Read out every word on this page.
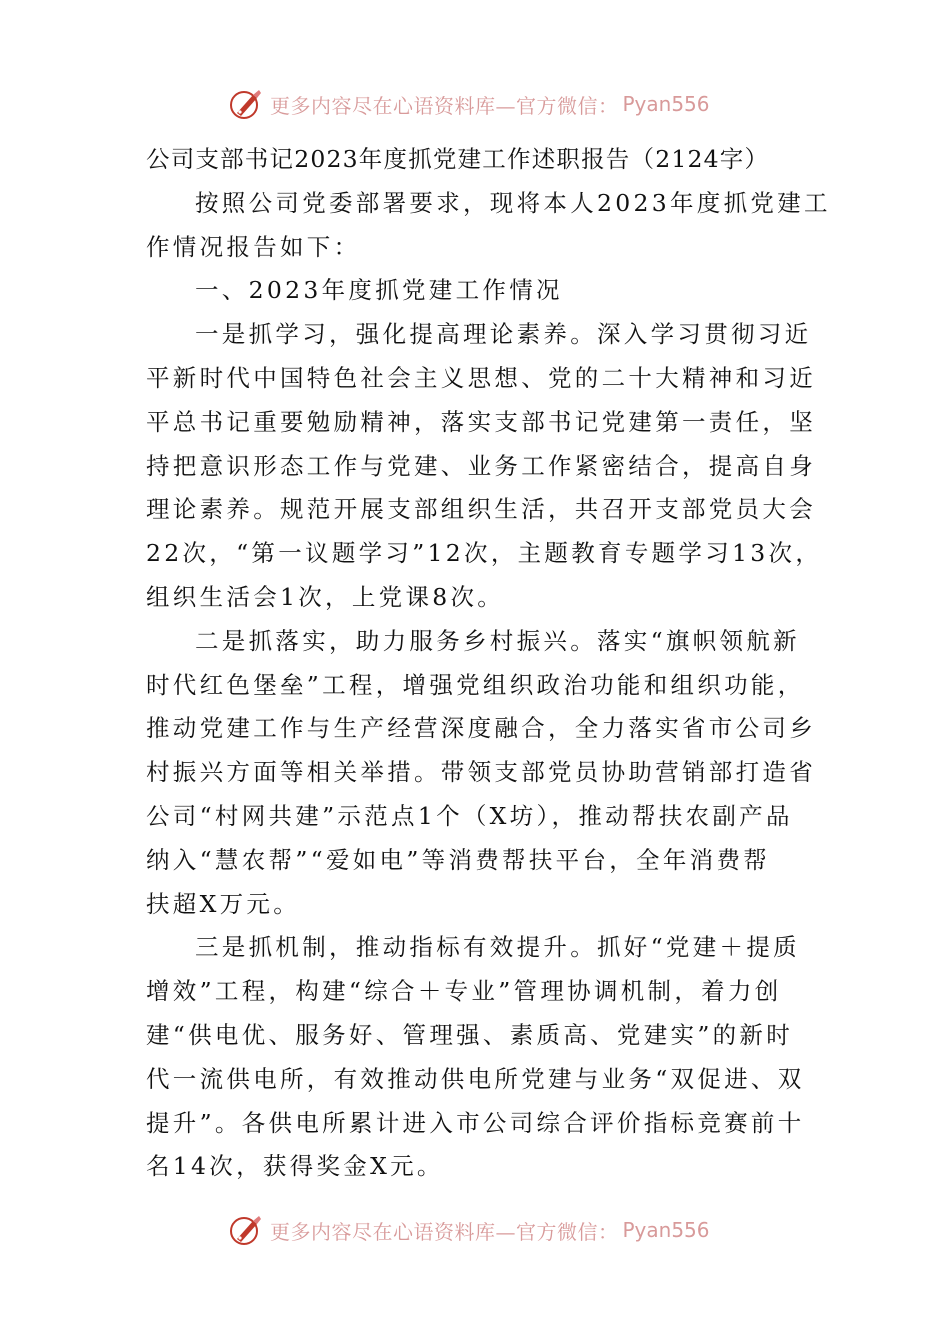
更多内容尽在心语资料库—官方微信： Pyan556

公司支部书记2023年度抓党建工作述职报告（2124字）

按照公司党委部署要求，现将本人2023年度抓党建工

作情况报告如下：

一、2023年度抓党建工作情况

一是抓学习，强化提高理论素养。深入学习贯彻习近

平新时代中国特色社会主义思想、党的二十大精神和习近

平总书记重要勉励精神，落实支部书记党建第一责任，坚

持把意识形态工作与党建、业务工作紧密结合，提高自身

理论素养。规范开展支部组织生活，共召开支部党员大会

22次，“第一议题学习”12次，主题教育专题学习13次，

组织生活会1次，上党课8次。

二是抓落实，助力服务乡村振兴。落实“旗帜领航新

时代红色堡垒”工程，增强党组织政治功能和组织功能，

推动党建工作与生产经营深度融合，全力落实省市公司乡

村振兴方面等相关举措。带领支部党员协助营销部打造省

公司“村网共建”示范点1个（X坊），推动帮扶农副产品

纳入“慧农帮”“爱如电”等消费帮扶平台，全年消费帮

扶超X万元。

三是抓机制，推动指标有效提升。抓好“党建＋提质

增效”工程，构建“综合＋专业”管理协调机制，着力创

建“供电优、服务好、管理强、素质高、党建实”的新时

代一流供电所，有效推动供电所党建与业务“双促进、双

提升”。各供电所累计进入市公司综合评价指标竞赛前十

名14次，获得奖金X元。

更多内容尽在心语资料库—官方微信： Pyan556
